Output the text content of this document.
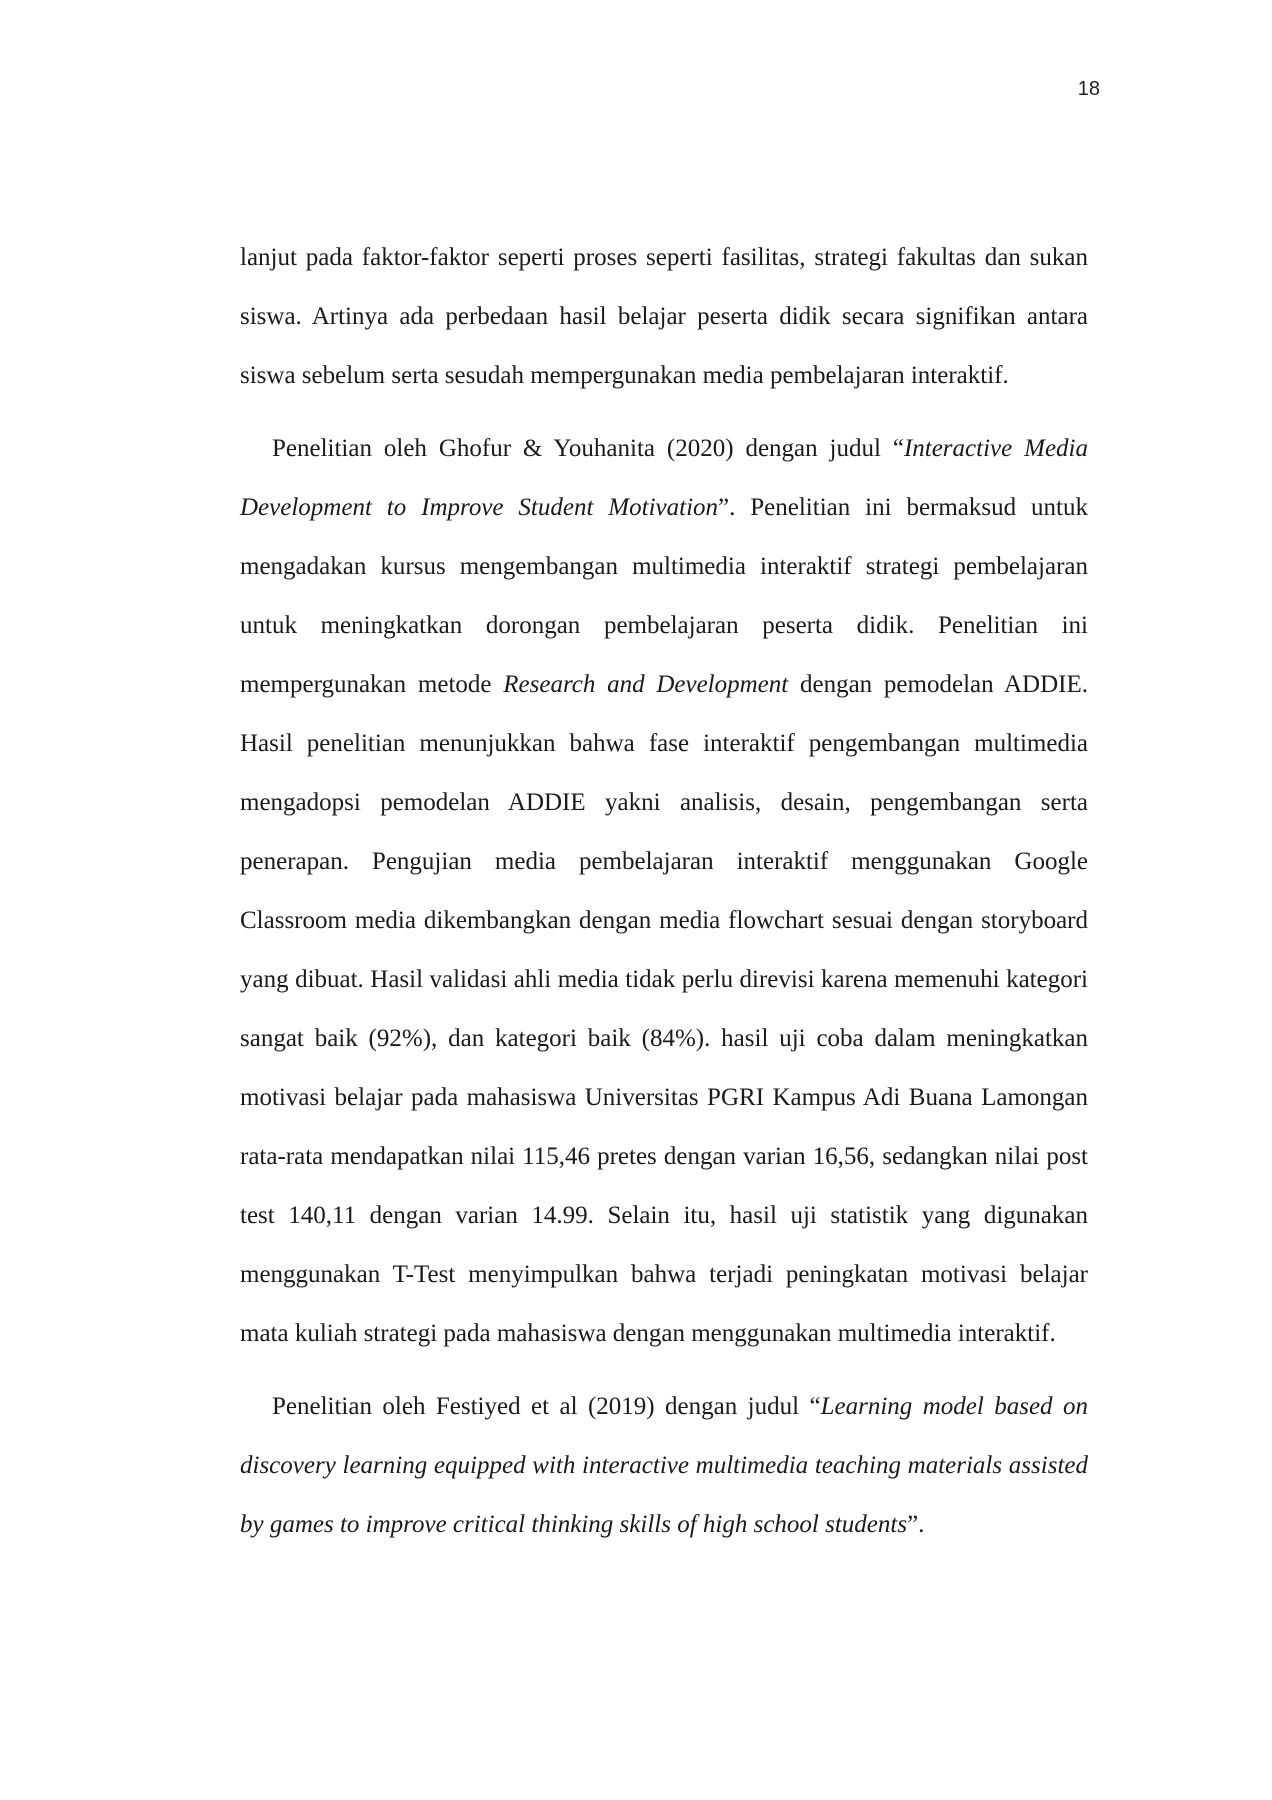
18

lanjut pada faktor-faktor seperti proses seperti fasilitas, strategi fakultas dan sukan siswa. Artinya ada perbedaan hasil belajar peserta didik secara signifikan antara siswa sebelum serta sesudah mempergunakan media pembelajaran interaktif.

Penelitian oleh Ghofur & Youhanita (2020) dengan judul “Interactive Media Development to Improve Student Motivation”. Penelitian ini bermaksud untuk mengadakan kursus mengembangan multimedia interaktif strategi pembelajaran untuk meningkatkan dorongan pembelajaran peserta didik. Penelitian ini mempergunakan metode Research and Development dengan pemodelan ADDIE. Hasil penelitian menunjukkan bahwa fase interaktif pengembangan multimedia mengadopsi pemodelan ADDIE yakni analisis, desain, pengembangan serta penerapan. Pengujian media pembelajaran interaktif menggunakan Google Classroom media dikembangkan dengan media flowchart sesuai dengan storyboard yang dibuat. Hasil validasi ahli media tidak perlu direvisi karena memenuhi kategori sangat baik (92%), dan kategori baik (84%). hasil uji coba dalam meningkatkan motivasi belajar pada mahasiswa Universitas PGRI Kampus Adi Buana Lamongan rata-rata mendapatkan nilai 115,46 pretes dengan varian 16,56, sedangkan nilai post test 140,11 dengan varian 14.99. Selain itu, hasil uji statistik yang digunakan menggunakan T-Test menyimpulkan bahwa terjadi peningkatan motivasi belajar mata kuliah strategi pada mahasiswa dengan menggunakan multimedia interaktif.

Penelitian oleh Festiyed et al (2019) dengan judul “Learning model based on discovery learning equipped with interactive multimedia teaching materials assisted by games to improve critical thinking skills of high school students”.
